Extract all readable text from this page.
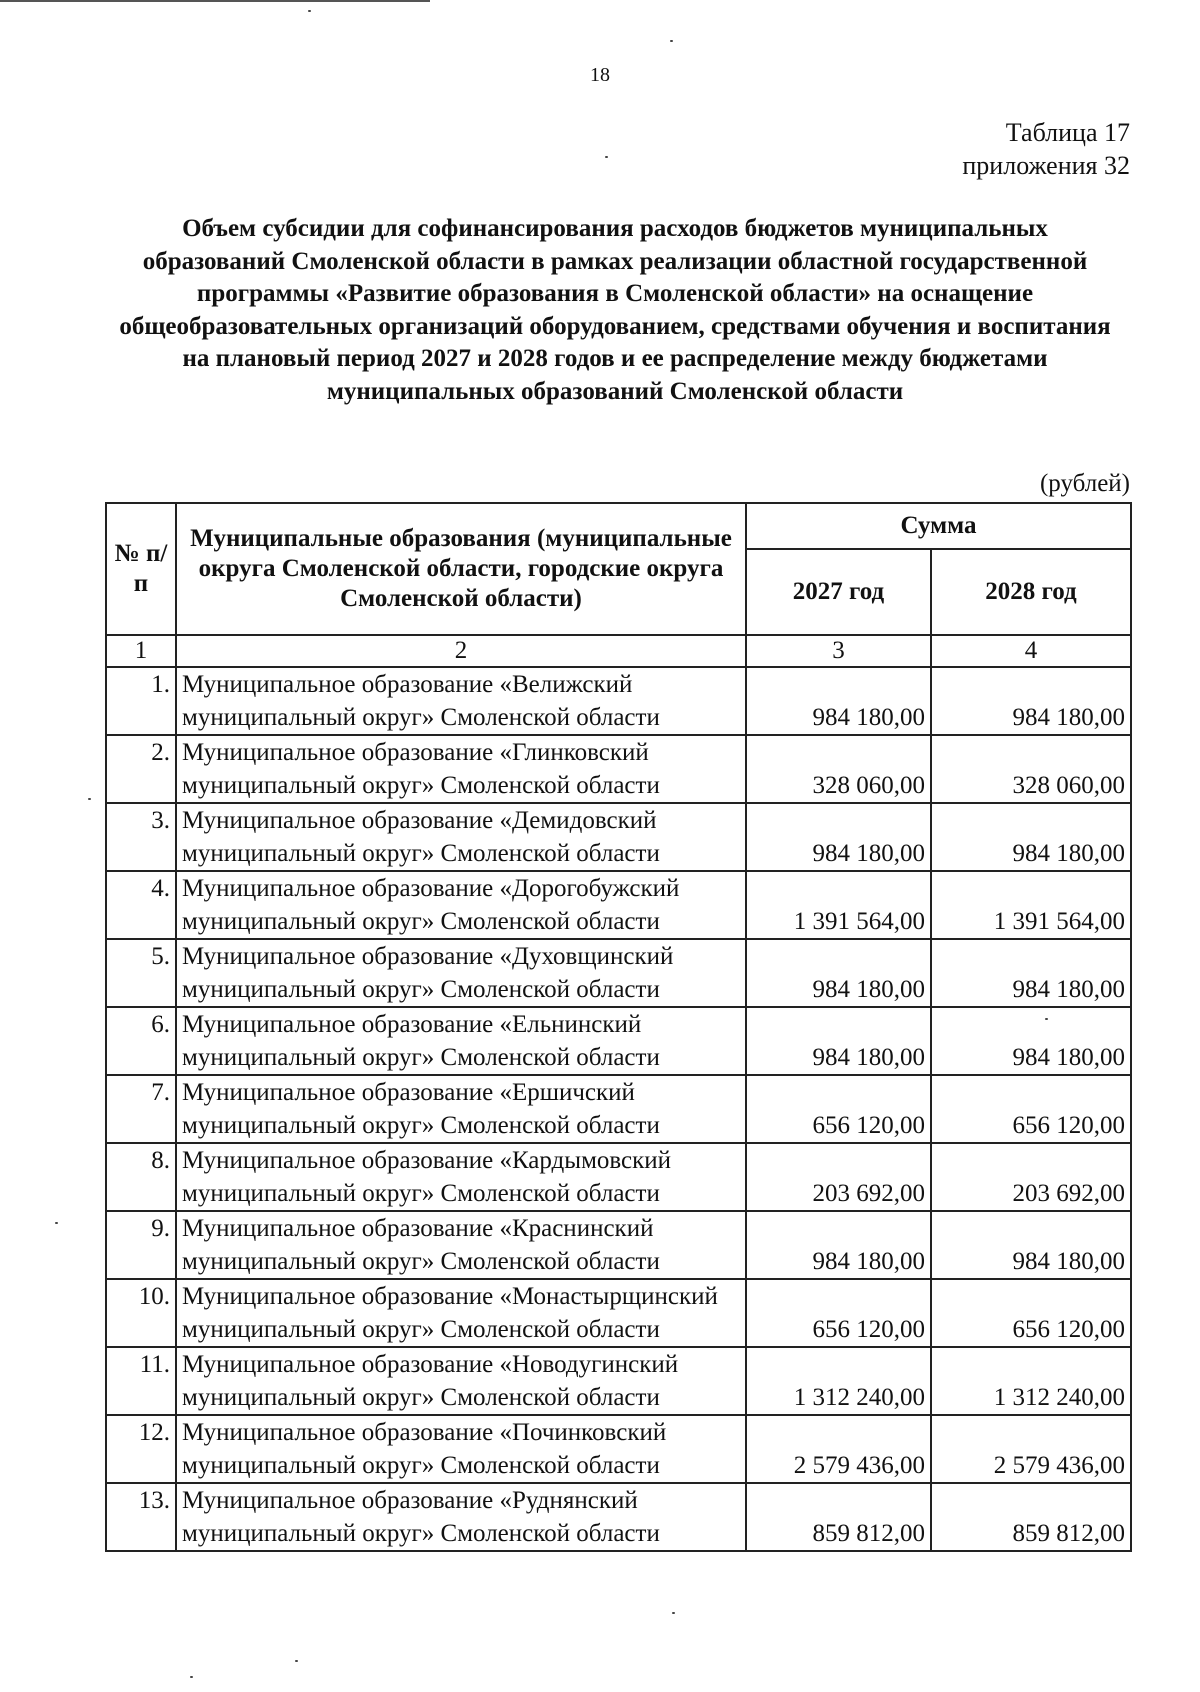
18
Таблица 17
приложения 32
Объем субсидии для софинансирования расходов бюджетов муниципальных образований Смоленской области в рамках реализации областной государственной программы «Развитие образования в Смоленской области» на оснащение общеобразовательных организаций оборудованием, средствами обучения и воспитания на плановый период 2027 и 2028 годов и ее распределение между бюджетами муниципальных образований Смоленской области
(рублей)
№ п/п	Муниципальные образования (муниципальные округа Смоленской области, городские округа Смоленской области)	Сумма	
		2027 год	2028 год
1	2	3	4
1.	Муниципальное образование «Велижский муниципальный округ» Смоленской области	984 180,00	984 180,00
2.	Муниципальное образование «Глинковский муниципальный округ» Смоленской области	328 060,00	328 060,00
3.	Муниципальное образование «Демидовский муниципальный округ» Смоленской области	984 180,00	984 180,00
4.	Муниципальное образование «Дорогобужский муниципальный округ» Смоленской области	1 391 564,00	1 391 564,00
5.	Муниципальное образование «Духовщинский муниципальный округ» Смоленской области	984 180,00	984 180,00
6.	Муниципальное образование «Ельнинский муниципальный округ» Смоленской области	984 180,00	984 180,00
7.	Муниципальное образование «Ершичский муниципальный округ» Смоленской области	656 120,00	656 120,00
8.	Муниципальное образование «Кардымовский муниципальный округ» Смоленской области	203 692,00	203 692,00
9.	Муниципальное образование «Краснинский муниципальный округ» Смоленской области	984 180,00	984 180,00
10.	Муниципальное образование «Монастырщинский муниципальный округ» Смоленской области	656 120,00	656 120,00
11.	Муниципальное образование «Новодугинский муниципальный округ» Смоленской области	1 312 240,00	1 312 240,00
12.	Муниципальное образование «Починковский муниципальный округ» Смоленской области	2 579 436,00	2 579 436,00
13.	Муниципальное образование «Руднянский муниципальный округ» Смоленской области	859 812,00	859 812,00
